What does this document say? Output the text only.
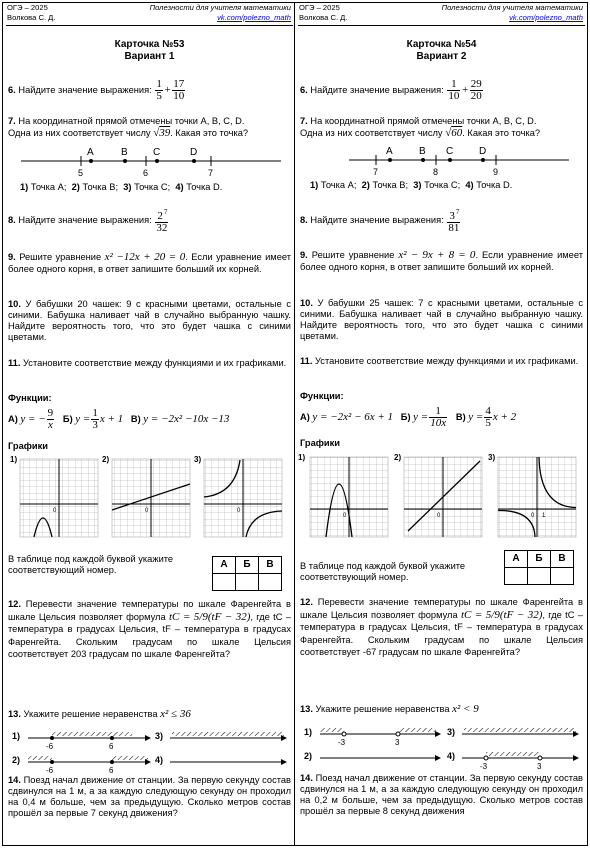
ОГЭ – 2025
Волкова С. Д.
Полезности для учителя математики
vk.com/polezno_math
Карточка №53
Вариант 1
6. Найдите значение выражения: $\frac{1}{5} + \frac{17}{10}$
7. На координатной прямой отмечены точки A, B, C, D.
Одна из них соответствует числу √39. Какая это точка?
A	B	C	D
5	6	7
1) Точка A; 2) Точка B; 3) Точка C; 4) Точка D.
8. Найдите значение выражения: $\frac{2^7}{32}$
9. Решите уравнение x² −12x + 20 = 0. Если уравнение имеет более одного корня, в ответ запишите больший их корней.
10. У бабушки 20 чашек: 9 с красными цветами, остальные с синими. Бабушка наливает чай в случайно выбранную чашку. Найдите вероятность того, что это будет чашка с синими цветами.
11. Установите соответствие между функциями и их графиками.
Функции:
А) y = − $\frac{9}{x} Б$) $y = \frac{1}{3}$ x + 1 В) y = −2x² −10x −13
Графики
1)
0
2)
0
3)
0
В таблице под каждой буквой укажите соответствующий номер.
А	Б	В

12. Перевести значение температуры по шкале Фаренгейта в шкале Цельсия позволяет формула tC = 5/9(tF − 32), где tC – температура в градусах Цельсия, tF – температура в градусах Фаренгейта. Скольким градусам по шкале Цельсия соответствует 203 градусам по шкале Фаренгейта?
13. Укажите решение неравенства x² ≤ 36
1)
-6	6
2)
-6	6
3)
4)
14. Поезд начал движение от станции. За первую секунду состав сдвинулся на 1 м, а за каждую следующую секунду он проходил на 0,4 м больше, чем за предыдущую. Сколько метров состав прошёл за первые 7 секунд движения?
ОГЭ – 2025
Волкова С. Д.
Полезности для учителя математики
vk.com/polezno_math
Карточка №54
Вариант 2
6. Найдите значение выражения: $\frac{1}{10} + \frac{29}{20}$
7. На координатной прямой отмечены точки A, B, C, D.
Одна из них соответствует числу √60. Какая это точка?
A	B C	D
7	8	9
1) Точка A; 2) Точка B; 3) Точка C; 4) Точка D.
8. Найдите значение выражения: $\frac{3^7}{81}$
9. Решите уравнение x² − 9x + 8 = 0. Если уравнение имеет более одного корня, в ответ запишите больший их корней.
10. У бабушки 25 чашек: 7 с красными цветами, остальные с синими. Бабушка наливает чай в случайно выбранную чашку. Найдите вероятность того, что это будет чашка с синими цветами.
11. Установите соответствие между функциями и их графиками.
Функции:
А) y = −2x² − 6x + 1 Б) $y = \frac{1}{10x} В$) $y = \frac{4}{5}$ x + 2
Графики
1)
0
2)
0
3)
0 1
В таблице под каждой буквой укажите соответствующий номер.
А	Б	В

12. Перевести значение температуры по шкале Фаренгейта в шкале Цельсия позволяет формула tC = 5/9(tF − 32), где tC – температура в градусах Цельсия, tF – температура в градусах Фаренгейта. Скольким градусам по шкале Цельсия соответствует -67 градусам по шкале Фаренгейта?
13. Укажите решение неравенства x² < 9
1)
-3	3
2)
3)
4)
-3	3
14. Поезд начал движение от станции. За первую секунду состав сдвинулся на 1 м, а за каждую следующую секунду он проходил на 0,2 м больше, чем за предыдущую. Сколько метров состав прошёл за первые 8 секунд движения
